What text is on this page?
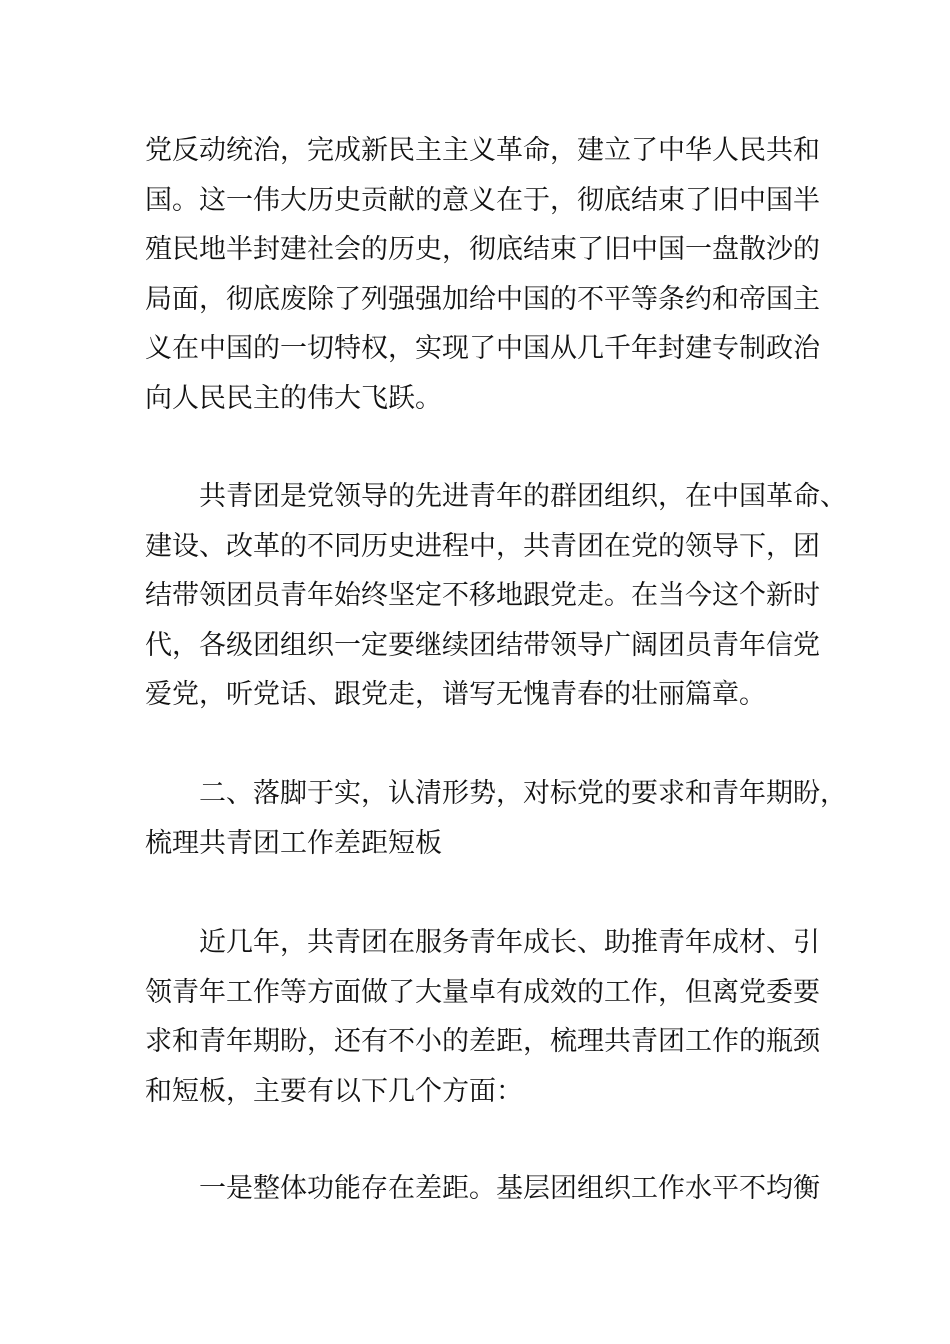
党反动统治，完成新民主主义革命，建立了中华人民共和
国。这一伟大历史贡献的意义在于，彻底结束了旧中国半
殖民地半封建社会的历史，彻底结束了旧中国一盘散沙的
局面，彻底废除了列强强加给中国的不平等条约和帝国主
义在中国的一切特权，实现了中国从几千年封建专制政治
向人民民主的伟大飞跃。
共青团是党领导的先进青年的群团组织，在中国革命、
建设、改革的不同历史进程中，共青团在党的领导下，团
结带领团员青年始终坚定不移地跟党走。在当今这个新时
代，各级团组织一定要继续团结带领导广阔团员青年信党
爱党，听党话、跟党走，谱写无愧青春的壮丽篇章。
二、落脚于实，认清形势，对标党的要求和青年期盼，
梳理共青团工作差距短板
近几年，共青团在服务青年成长、助推青年成材、引
领青年工作等方面做了大量卓有成效的工作，但离党委要
求和青年期盼，还有不小的差距，梳理共青团工作的瓶颈
和短板，主要有以下几个方面：
一是整体功能存在差距。基层团组织工作水平不均衡
